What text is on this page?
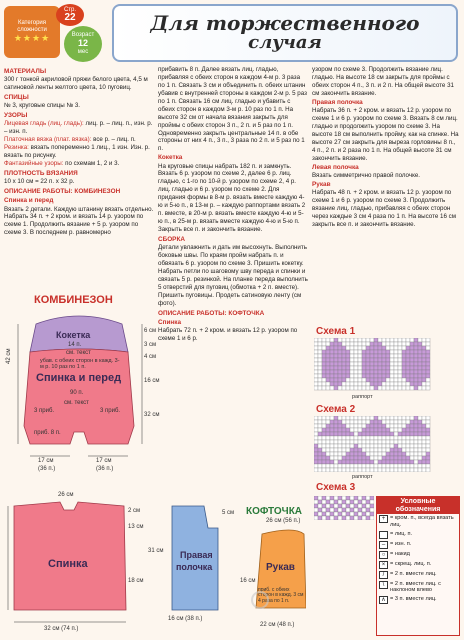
Категория
сложности
★★★★
Стр.
22
Возраст
12
мес
Для торжественного
случая
МАТЕРИАЛЫ

300 г тонкой акриловой пряжи белого цвета, 4,5 м сатиновой ленты желтого цвета, 10 пуговиц.

СПИЦЫ

№ 3, круговые спицы № 3.

УЗОРЫ

Лицевая гладь (лиц. гладь): лиц. р. – лиц. п., изн. р. – изн. п.

Платочная вязка (плат. вязка): все р. – лиц. п.

Резинка: вязать попеременно 1 лиц., 1 изн. Изн. р. вязать по рисунку.

Фантазийные узоры: по схемам 1, 2 и 3.

ПЛОТНОСТЬ ВЯЗАНИЯ

10 x 10 см = 22 п. x 32 р.

ОПИСАНИЕ РАБОТЫ: КОМБИНЕЗОН
Спинка и перед

Вязать 2 детали. Каждую штанину вязать отдельно. Набрать 34 п. + 2 кром. и вязать 14 р. узором по схеме 1. Продолжить вязание + 5 р. узором по схеме 3. В последнем р. равномерно

прибавить 8 п. Далее вязать лиц. гладью, прибавляя с обеих сторон в каждом 4-м р. 3 раза по 1 п. Связать 3 см и объединить п. обеих штанин убавив с внутренней стороны в каждом 2-м р. 5 раз по 1 п. Связать 16 см лиц. гладью и убавить с обеих сторон в каждом 3-м р. 10 раз по 1 п. На высоте 32 см от начала вязания закрыть для проймы с обеих сторон 3 п., 2 п. и 5 раз по 1 п. Одновременно закрыть центральные 14 п. в обе стороны от них 4 п., 3 п., 3 раза по 2 п. и 5 раз по 1 п.

Кокетка

На круговые спицы набрать 182 п. и замкнуть. Вязать 6 р. узором по схеме 2, далее 6 р. лиц. гладью, с 1-го по 10-й р. узором по схеме 2, 4 р. лиц. гладью и 6 р. узором по схеме 2. Для придания формы в 8-м р. вязать вместе каждую 4-ю и 5-ю п., в 13-м р. – каждую раппортами вязать 2 п. вместе, в 20-м р. вязать вместе каждую 4-ю и 5-ю п., в 25-м р. вязать вместе каждую 4-ю и 5-ю п. Закрыть все п. и закончить вязание.

СБОРКА

Детали увлажнить и дать им высохнуть. Выполнить боковые швы. По краям пройм набрать п. и обвязать 6 р. узором по схеме 3. Пришить кокетку. Набрать петли по шаговому шву переда и спинки и связать 5 р. резинкой. На планке переда выполнить 5 отверстий для пуговиц (обмотка + 2 п. вместе). Пришить пуговицы. Продеть сатиновую ленту (см фото).

ОПИСАНИЕ РАБОТЫ: КОФТОЧКА
Спинка

Набрать 72 п. + 2 кром. и вязать 12 р. узором по схеме 1 и 6 р.

узором по схеме 3. Продолжить вязание лиц. гладью. На высоте 18 см закрыть для проймы с обеих сторон 4 п., 3 п. и 2 п. На общей высоте 31 см закончить вязание.

Правая полочка

Набрать 36 п. + 2 кром. и вязать 12 р. узором по схеме 1 и 6 р. узором по схеме 3. Вязать 8 см лиц. гладью и продолжить узором по схеме 3. На высоте 18 см выполнить пройму, как на спинке. На высоте 27 см закрыть для выреза горловины 8 п., 4 п., 2 п. и 2 раза по 1 п. На общей высоте 31 см закончить вязание.

Левая полочка

Вязать симметрично правой полочке.

Рукав

Набрать 48 п. + 2 кром. и вязать 12 р. узором по схеме 1 и 6 р. узором по схеме 3. Продолжить вязание лиц. гладью, прибавляя с обеих сторон через каждые 3 см 4 раза по 1 п. На высоте 16 см закрыть все п. и закончить вязание.

КОМБИНЕЗОН
Кокетка
14 п.
см. текст
убав. с обеих сторон в кажд. 3-м р. 10 раз по 1 п.
Спинка и перед
90 п.
см. текст
3 приб.	3 приб.
приб. 8 п.
42 см
6 см
3 см
4 см
16 см
32 см
17 см
(36 п.)
17 см
(36 п.)
Спинка
Правая
полочка	Рукав
32 см (74 п.)
26 см
2 см
13 см
18 см
31 см
5 см
16 см (38 п.)
26 см (56 п.)
22 см (48 п.)
16 см
приб. с обеих сторон в кажд. 3 см 4 раза по 1 п.
КОФТОЧКА
Схема 1
раппорт
Схема 2
раппорт
Схема 3
Условные
обозначения
+ = кром. п., всегда вязать лиц.
= лиц. п.
– = изн. п.
○ = накид
× = скрещ. лиц. п.
/	= 2 п. вместе лиц.
\	= 2 п. вместе лиц. с наклоном влево
∧ = 3 п. вместе лиц.
